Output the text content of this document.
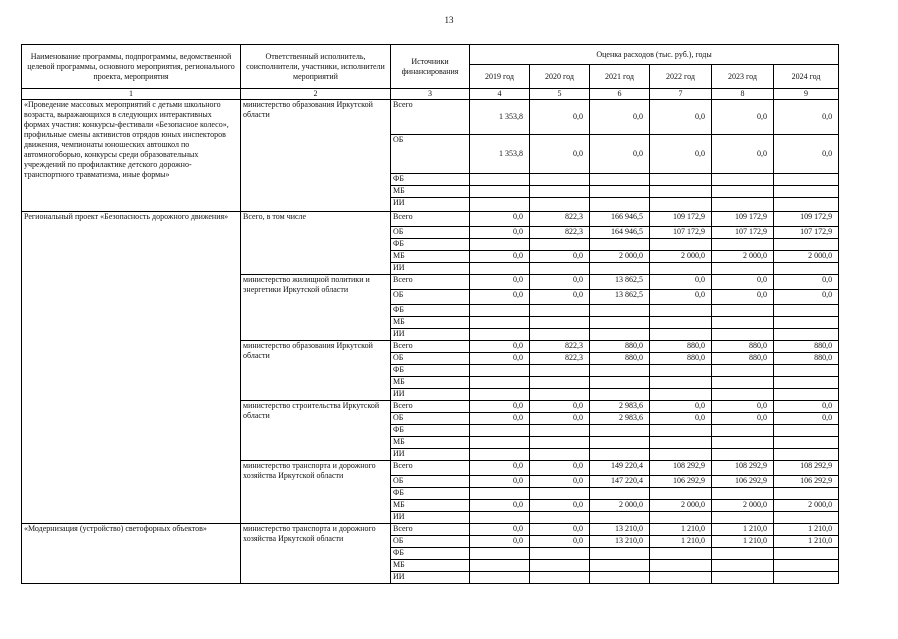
13
Наименование программы, подпрограммы, ведомственной целевой программы, основного мероприятия, регионального проекта, мероприятия	Ответственный исполнитель, соисполнители, участники, исполнители мероприятий	Источники финансирования	Оценка расходов (тыс. руб.), годы					
			2019 год	2020 год	2021 год	2022 год	2023 год	2024 год
1	2	3	4	5	6	7	8	9
«Проведение массовых мероприятий с детьми школьного возраста, выражающихся в следующих интерактивных формах участия: конкурсы-фестивали «Безопасное колесо», профильные смены активистов отрядов юных инспекторов движения, чемпионаты юношеских автошкол по автомногоборью, конкурсы среди образовательных учреждений по профилактике детского дорожно-транспортного травматизма, иные формы»	министерство образования Иркутской области	Всего	1 353,8	0,0	0,0	0,0	0,0	0,0
		ОБ	1 353,8	0,0	0,0	0,0	0,0	0,0
		ФБ						
		МБ						
		ИИ						
Региональный проект «Безопасность дорожного движения»	Всего, в том числе	Всего	0,0	822,3	166 946,5	109 172,9	109 172,9	109 172,9
		ОБ	0,0	822,3	164 946,5	107 172,9	107 172,9	107 172,9
		ФБ						
		МБ	0,0	0,0	2 000,0	2 000,0	2 000,0	2 000,0
		ИИ						
	министерство жилищной политики и энергетики Иркутской области	Всего	0,0	0,0	13 862,5	0,0	0,0	0,0
		ОБ	0,0	0,0	13 862,5	0,0	0,0	0,0
		ФБ						
		МБ						
		ИИ						
	министерство образования Иркутской области	Всего	0,0	822,3	880,0	880,0	880,0	880,0
		ОБ	0,0	822,3	880,0	880,0	880,0	880,0
		ФБ						
		МБ						
		ИИ						
	министерство строительства Иркутской области	Всего	0,0	0,0	2 983,6	0,0	0,0	0,0
		ОБ	0,0	0,0	2 983,6	0,0	0,0	0,0
		ФБ						
		МБ						
		ИИ						
	министерство транспорта и дорожного хозяйства Иркутской области	Всего	0,0	0,0	149 220,4	108 292,9	108 292,9	108 292,9
		ОБ	0,0	0,0	147 220,4	106 292,9	106 292,9	106 292,9
		ФБ						
		МБ	0,0	0,0	2 000,0	2 000,0	2 000,0	2 000,0
		ИИ						
«Модернизация (устройство) светофорных объектов»	министерство транспорта и дорожного хозяйства Иркутской области	Всего	0,0	0,0	13 210,0	1 210,0	1 210,0	1 210,0
		ОБ	0,0	0,0	13 210,0	1 210,0	1 210,0	1 210,0
		ФБ						
		МБ						
		ИИ						
